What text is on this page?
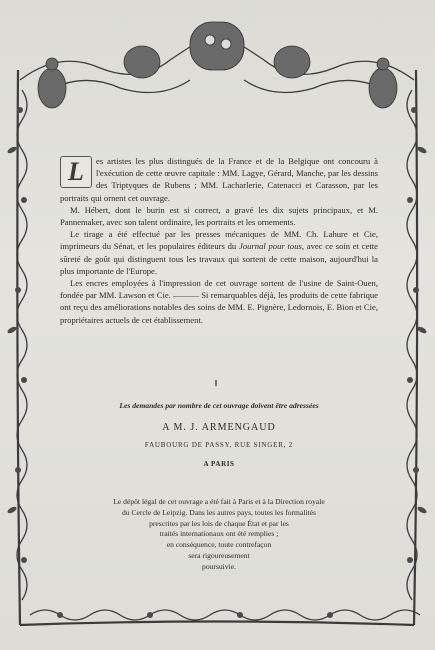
L	es artistes les plus distingués de la France et de la Belgique ont concouru à l'exécution de cette œuvre capitale : MM. Lagye, Gérard, Manche, par les dessins des Triptyques de Rubens ; MM. Lacharlerie, Catenacci et Carasson, par les portraits qui ornent cet ouvrage.

M. Hébert, dont le burin est si correct, a gravé les dix sujets principaux, et M. Pannemaker, avec son talent ordinaire, les portraits et les ornements.

Le tirage a été effectué par les presses mécaniques de MM. Ch. Lahure et Cie, imprimeurs du Sénat, et les populaires éditeurs du Journal pour tous, avec ce soin et cette sûreté de goût qui distinguent tous les travaux qui sortent de cette maison, aujourd'hui la plus importante de l'Europe.

Les encres employées à l'impression de cet ouvrage sortent de l'usine de Saint-Ouen, fondée par MM. Lawson et Cie. ——— Si remarquables déjà, les produits de cette fabrique ont reçu des améliorations notables des soins de MM. E. Pignère, Ledornois, E. Bion et Cie, propriétaires actuels de cet établissement.

Les demandes par nombre de cet ouvrage doivent être adressées
A M. J. ARMENGAUD
FAUBOURG DE PASSY, RUE SINGER, 2
A PARIS
Le dépôt légal de cet ouvrage a été fait à Paris et à la Direction royale
du Cercle de Leipzig. Dans les autres pays, toutes les formalités
prescrites par les lois de chaque État et par les
traités internationaux ont été remplies ;
en conséquence, toute contrefaçon
sera rigoureusement
poursuivie.
